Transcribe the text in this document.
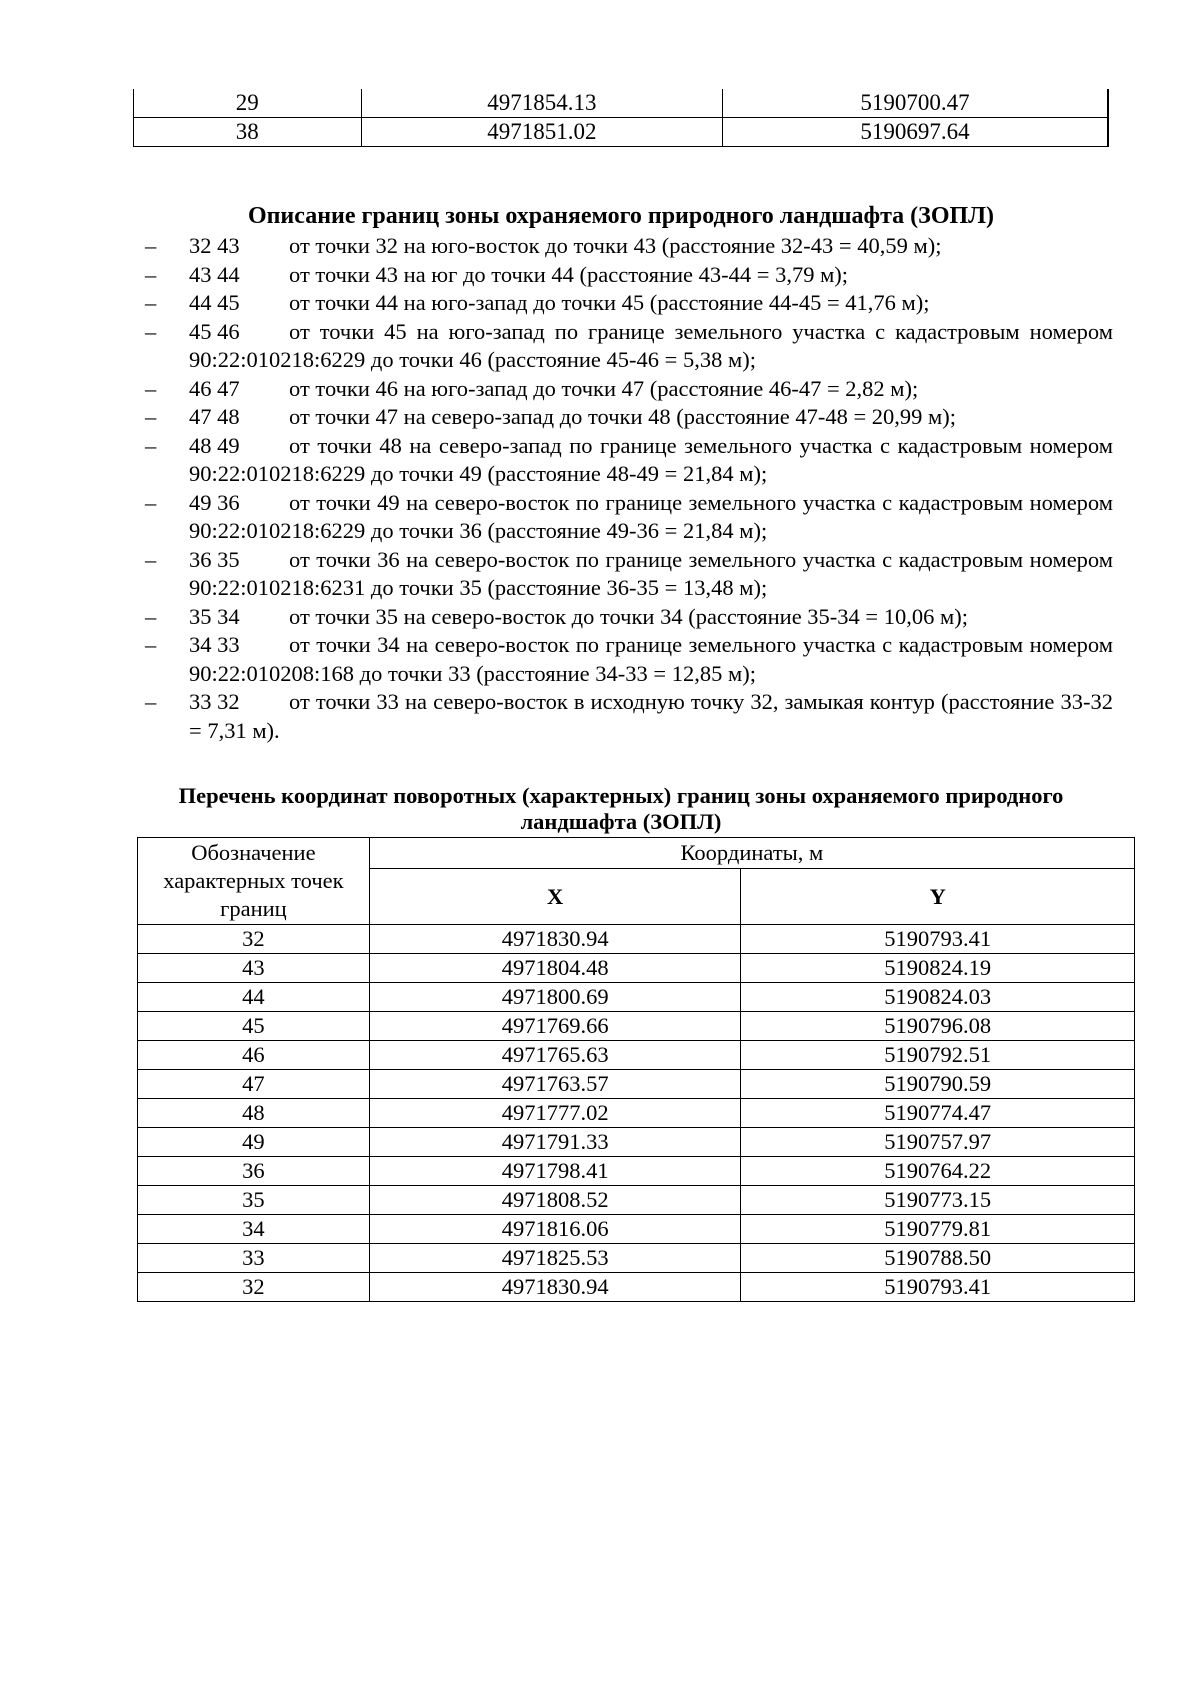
29	4971854.13	5190700.47
38	4971851.02	5190697.64
Описание границ зоны охраняемого природного ландшафта (ЗОПЛ)
– 32 43 от точки 32 на юго-восток до точки 43 (расстояние 32-43 = 40,59 м);
– 43 44 от точки 43 на юг до точки 44 (расстояние 43-44 = 3,79 м);
– 44 45 от точки 44 на юго-запад до точки 45 (расстояние 44-45 = 41,76 м);
– 45 46 от точки 45 на юго-запад по границе земельного участка с кадастровым номером 90:22:010218:6229 до точки 46 (расстояние 45-46 = 5,38 м);
– 46 47 от точки 46 на юго-запад до точки 47 (расстояние 46-47 = 2,82 м);
– 47 48 от точки 47 на северо-запад до точки 48 (расстояние 47-48 = 20,99 м);
– 48 49 от точки 48 на северо-запад по границе земельного участка с кадастровым номером 90:22:010218:6229 до точки 49 (расстояние 48-49 = 21,84 м);
– 49 36 от точки 49 на северо-восток по границе земельного участка с кадастровым номером 90:22:010218:6229 до точки 36 (расстояние 49-36 = 21,84 м);
– 36 35 от точки 36 на северо-восток по границе земельного участка с кадастровым номером 90:22:010218:6231 до точки 35 (расстояние 36-35 = 13,48 м);
– 35 34 от точки 35 на северо-восток до точки 34 (расстояние 35-34 = 10,06 м);
– 34 33 от точки 34 на северо-восток по границе земельного участка с кадастровым номером 90:22:010208:168 до точки 33 (расстояние 34-33 = 12,85 м);
– 33 32 от точки 33 на северо-восток в исходную точку 32, замыкая контур (расстояние 33-32 = 7,31 м).
Перечень координат поворотных (характерных) границ зоны охраняемого природного ландшафта (ЗОПЛ)
Обозначение характерных точек границ	Координаты, м	
	X	Y
32	4971830.94	5190793.41
43	4971804.48	5190824.19
44	4971800.69	5190824.03
45	4971769.66	5190796.08
46	4971765.63	5190792.51
47	4971763.57	5190790.59
48	4971777.02	5190774.47
49	4971791.33	5190757.97
36	4971798.41	5190764.22
35	4971808.52	5190773.15
34	4971816.06	5190779.81
33	4971825.53	5190788.50
32	4971830.94	5190793.41
